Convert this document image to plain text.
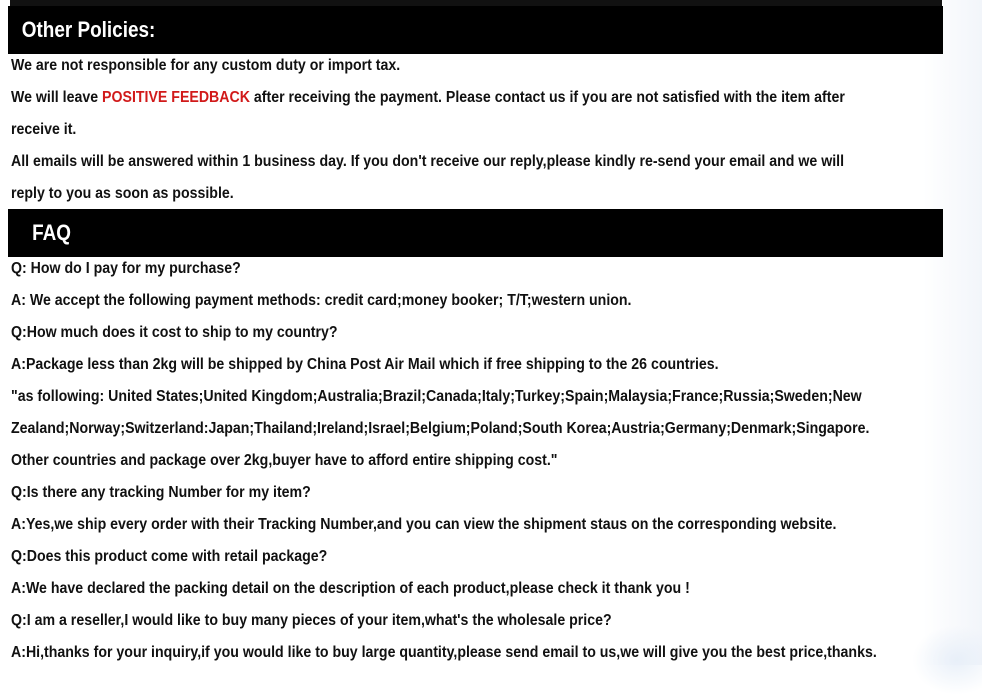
Other Policies:
We are not responsible for any custom duty or import tax.
We will leave POSITIVE FEEDBACK after receiving the payment. Please contact us if you are not satisfied with the item after
receive it.
All emails will be answered within 1 business day. If you don't receive our reply,please kindly re-send your email and we will
reply to you as soon as possible.
FAQ
Q: How do I pay for my purchase?
A: We accept the following payment methods: credit card;money booker; T/T;western union.
Q:How much does it cost to ship to my country?
A:Package less than 2kg will be shipped by China Post Air Mail which if free shipping to the 26 countries.
"as following: United States;United Kingdom;Australia;Brazil;Canada;Italy;Turkey;Spain;Malaysia;France;Russia;Sweden;New
Zealand;Norway;Switzerland:Japan;Thailand;Ireland;Israel;Belgium;Poland;South Korea;Austria;Germany;Denmark;Singapore.
Other countries and package over 2kg,buyer have to afford entire shipping cost."
Q:Is there any tracking Number for my item?
A:Yes,we ship every order with their Tracking Number,and you can view the shipment staus on the corresponding website.
Q:Does this product come with retail package?
A:We have declared the packing detail on the description of each product,please check it thank you !
Q:I am a reseller,I would like to buy many pieces of your item,what's the wholesale price?
A:Hi,thanks for your inquiry,if you would like to buy large quantity,please send email to us,we will give you the best price,thanks.
